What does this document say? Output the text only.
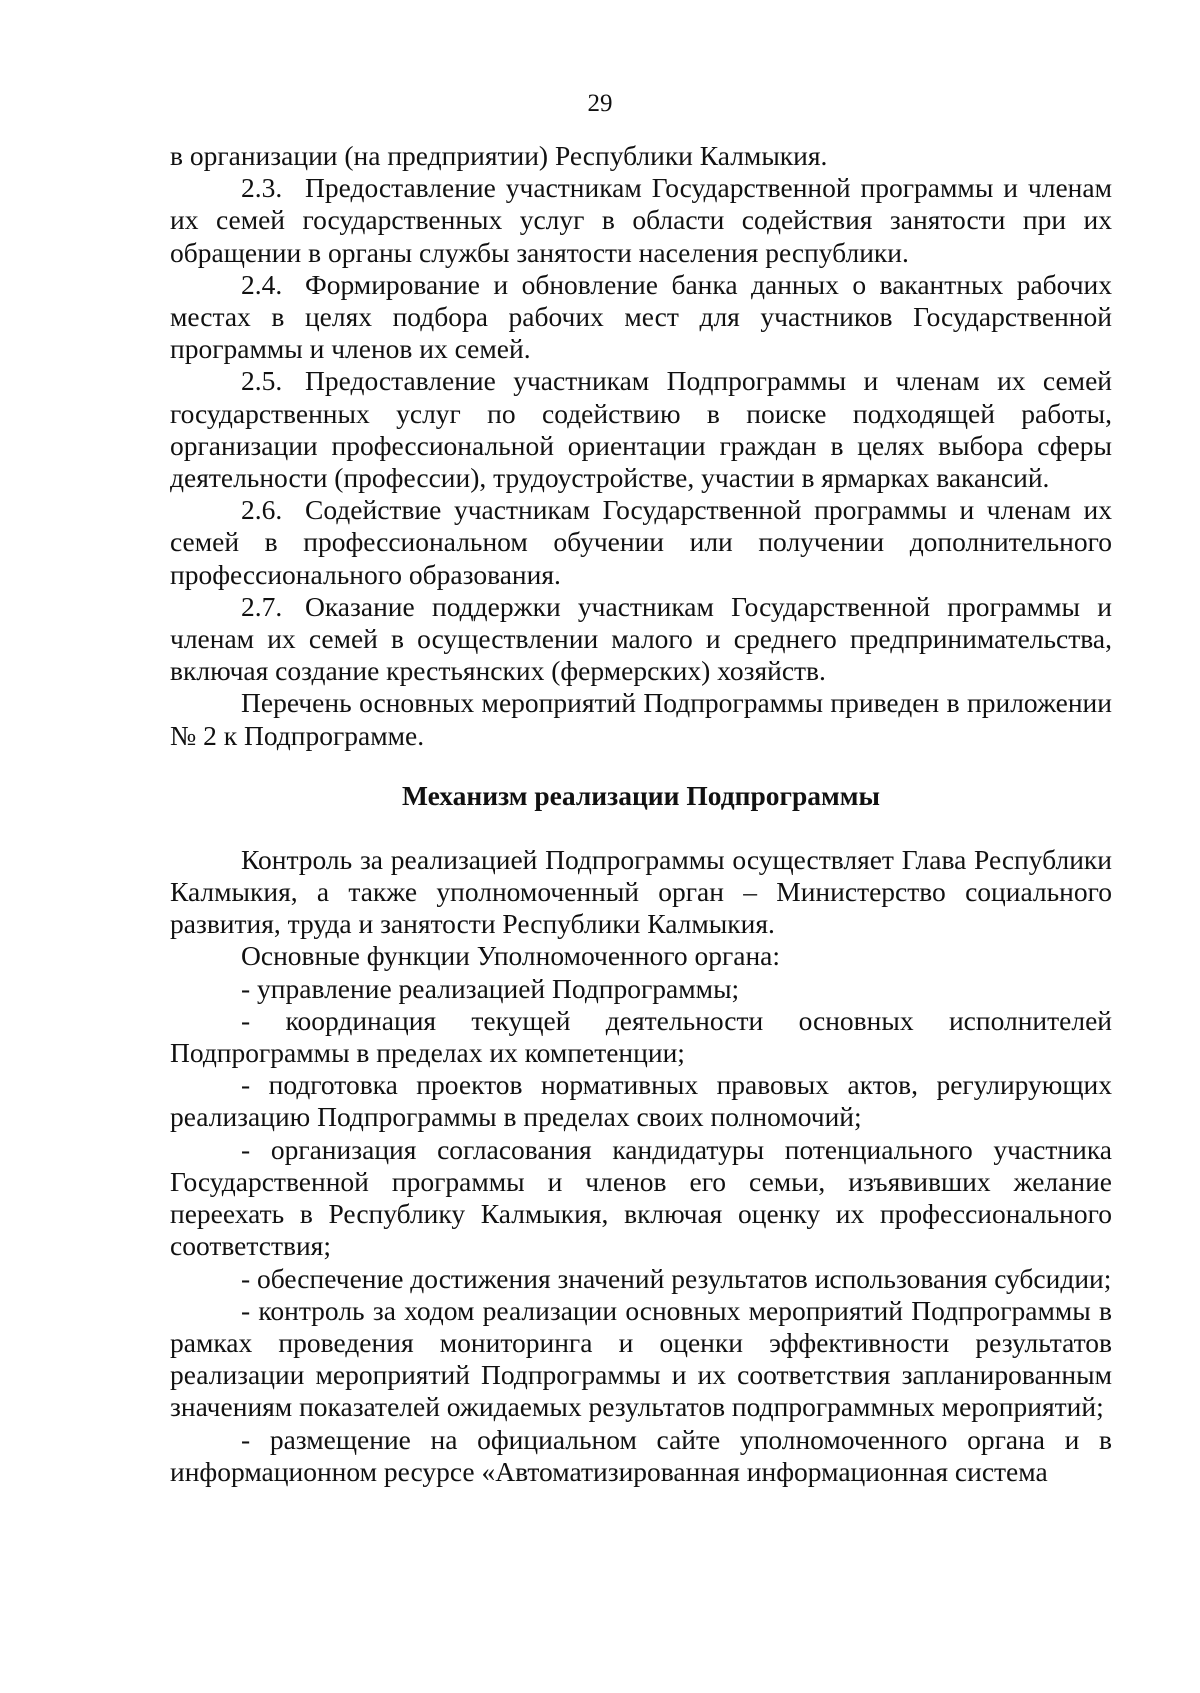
29

в организации (на предприятии) Республики Калмыкия.

2.3. Предоставление участникам Государственной программы и членам их семей государственных услуг в области содействия занятости при их обращении в органы службы занятости населения республики.

2.4. Формирование и обновление банка данных о вакантных рабочих местах в целях подбора рабочих мест для участников Государственной программы и членов их семей.

2.5. Предоставление участникам Подпрограммы и членам их семей государственных услуг по содействию в поиске подходящей работы, организации профессиональной ориентации граждан в целях выбора сферы деятельности (профессии), трудоустройстве, участии в ярмарках вакансий.

2.6. Содействие участникам Государственной программы и членам их семей в профессиональном обучении или получении дополнительного профессионального образования.

2.7. Оказание поддержки участникам Государственной программы и членам их семей в осуществлении малого и среднего предпринимательства, включая создание крестьянских (фермерских) хозяйств.

Перечень основных мероприятий Подпрограммы приведен в приложении № 2 к Подпрограмме.

Механизм реализации Подпрограммы

Контроль за реализацией Подпрограммы осуществляет Глава Республики Калмыкия, а также уполномоченный орган – Министерство социального развития, труда и занятости Республики Калмыкия.

Основные функции Уполномоченного органа:

- управление реализацией Подпрограммы;

- координация текущей деятельности основных исполнителей Подпрограммы в пределах их компетенции;

- подготовка проектов нормативных правовых актов, регулирующих реализацию Подпрограммы в пределах своих полномочий;

- организация согласования кандидатуры потенциального участника Государственной программы и членов его семьи, изъявивших желание переехать в Республику Калмыкия, включая оценку их профессионального соответствия;

- обеспечение достижения значений результатов использования субсидии;

- контроль за ходом реализации основных мероприятий Подпрограммы в рамках проведения мониторинга и оценки эффективности результатов реализации мероприятий Подпрограммы и их соответствия запланированным значениям показателей ожидаемых результатов подпрограммных мероприятий;

- размещение на официальном сайте уполномоченного органа и в информационном ресурсе «Автоматизированная информационная система
